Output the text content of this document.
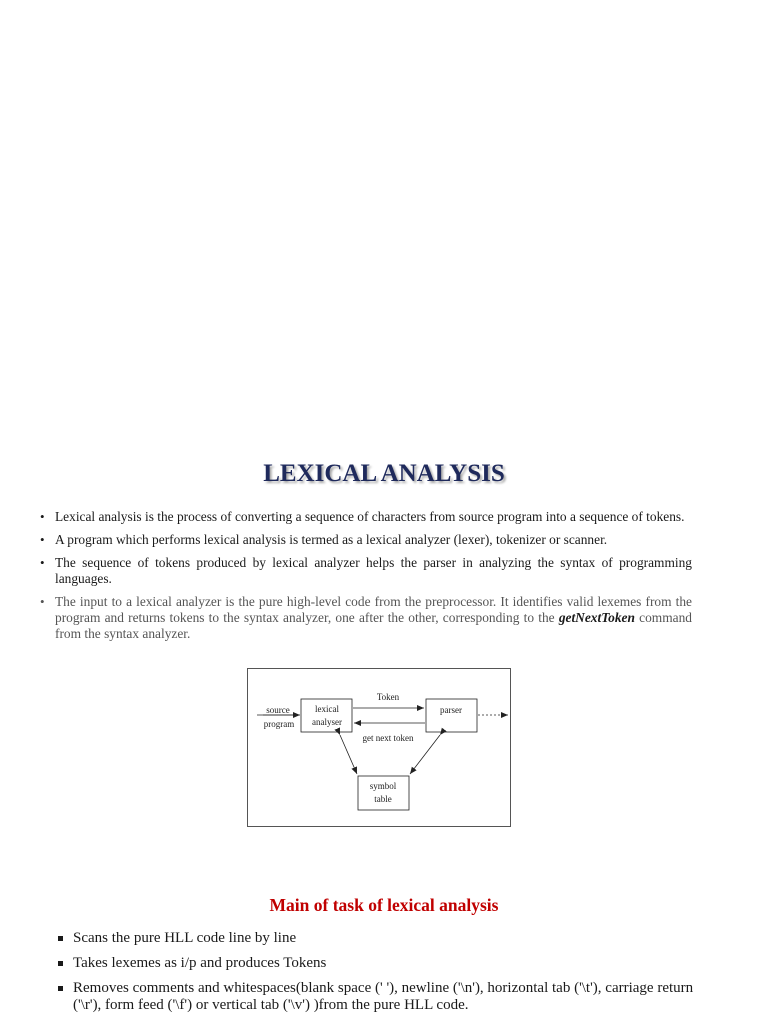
LEXICAL ANALYSIS
• Lexical analysis is the process of converting a sequence of characters from source program into a sequence of tokens.
• A program which performs lexical analysis is termed as a lexical analyzer (lexer), tokenizer or scanner.
• The sequence of tokens produced by lexical analyzer helps the parser in analyzing the syntax of programming languages.
• The input to a lexical analyzer is the pure high-level code from the preprocessor. It identifies valid lexemes from the program and returns tokens to the syntax analyzer, one after the other, corresponding to the getNextToken command from the syntax analyzer.
source
program
lexical
analyser
Token
get next token
parser
symbol
table
Main of task of lexical analysis
Scans the pure HLL code line by line
Takes lexemes as i/p and produces Tokens
Removes comments and whitespaces(blank space (' '), newline ('\n'), horizontal tab ('\t'), carriage return ('\r'), form feed ('\f') or vertical tab ('\v') )from the pure HLL code.
